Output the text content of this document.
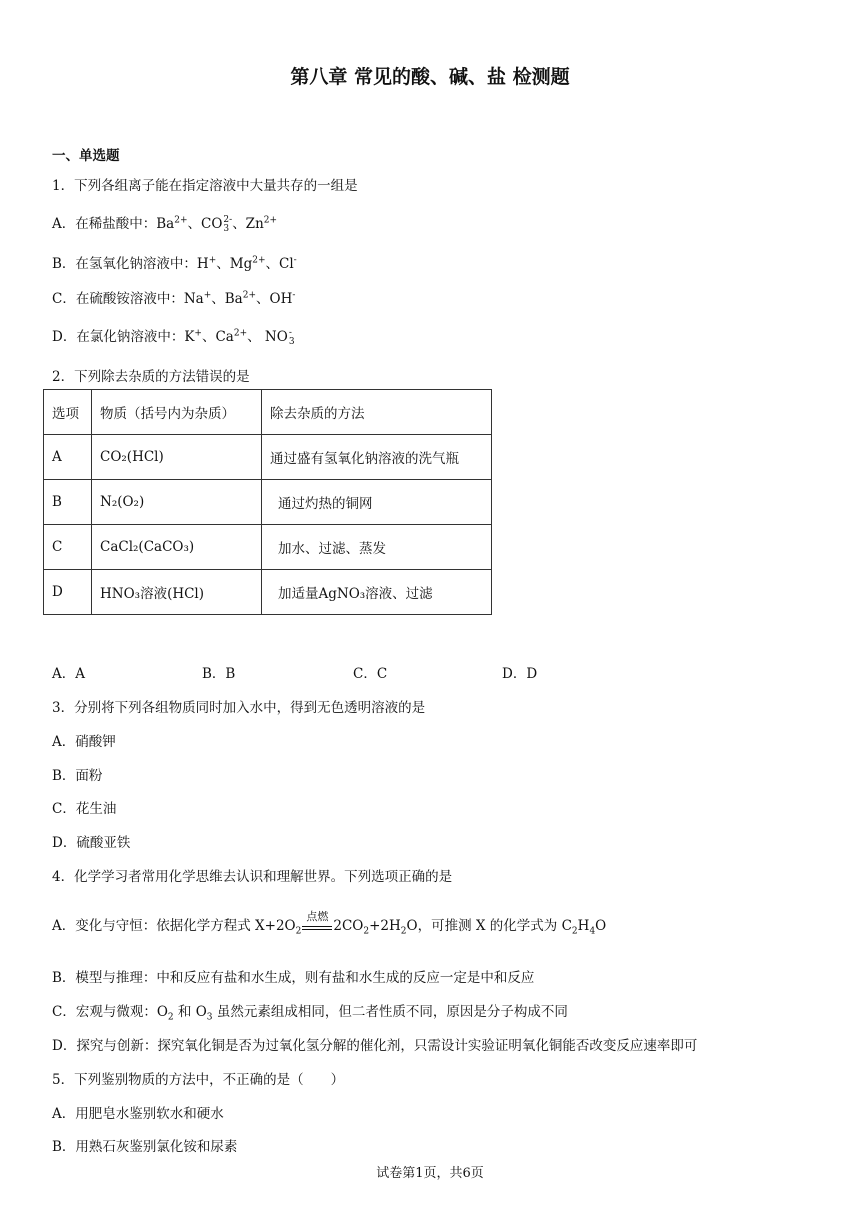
第八章 常见的酸、碱、盐 检测题
一、单选题
1．下列各组离子能在指定溶液中大量共存的一组是
A．在稀盐酸中：$Ba^{2+}$、CO 2-
3 、$Zn^{2+}$
B．在氢氧化钠溶液中：H+、$Mg^{2+}$、Cl-
C．在硫酸铵溶液中：Na+、$Ba^{2+}$、OH-
D．在氯化钠溶液中：K+、$Ca^{2+}$、 NO -
3
2．下列除去杂质的方法错误的是
选项	物质（括号内为杂质）	除去杂质的方法
A	CO₂(HCl)	通过盛有氢氧化钠溶液的洗气瓶
B	N₂(O₂)	通过灼热的铜网
C	CaCl₂(CaCO₃)	加水、过滤、蒸发
D	HNO₃溶液(HCl)	加适量AgNO₃溶液、过滤
A．A	B．B	C．C	D．D
3．分别将下列各组物质同时加入水中，得到无色透明溶液的是
A．硝酸钾
B．面粉
C．花生油
D．硫酸亚铁
4．化学学习者常用化学思维去认识和理解世界。下列选项正确的是
A．变化与守恒：依据化学方程式 $X+2O_2$
点燃
$2CO_2+2H_2O$，可推测 X 的化学式为 $C_2H_4O$
B．模型与推理：中和反应有盐和水生成，则有盐和水生成的反应一定是中和反应
C．宏观与微观：$O_2$ 和 $O_3$ 虽然元素组成相同，但二者性质不同，原因是分子构成不同
D．探究与创新：探究氧化铜是否为过氧化氢分解的催化剂，只需设计实验证明氧化铜能否改变反应速率即可
5．下列鉴别物质的方法中，不正确的是（　　）
A．用肥皂水鉴别软水和硬水
B．用熟石灰鉴别氯化铵和尿素
试卷第1页，共6页
